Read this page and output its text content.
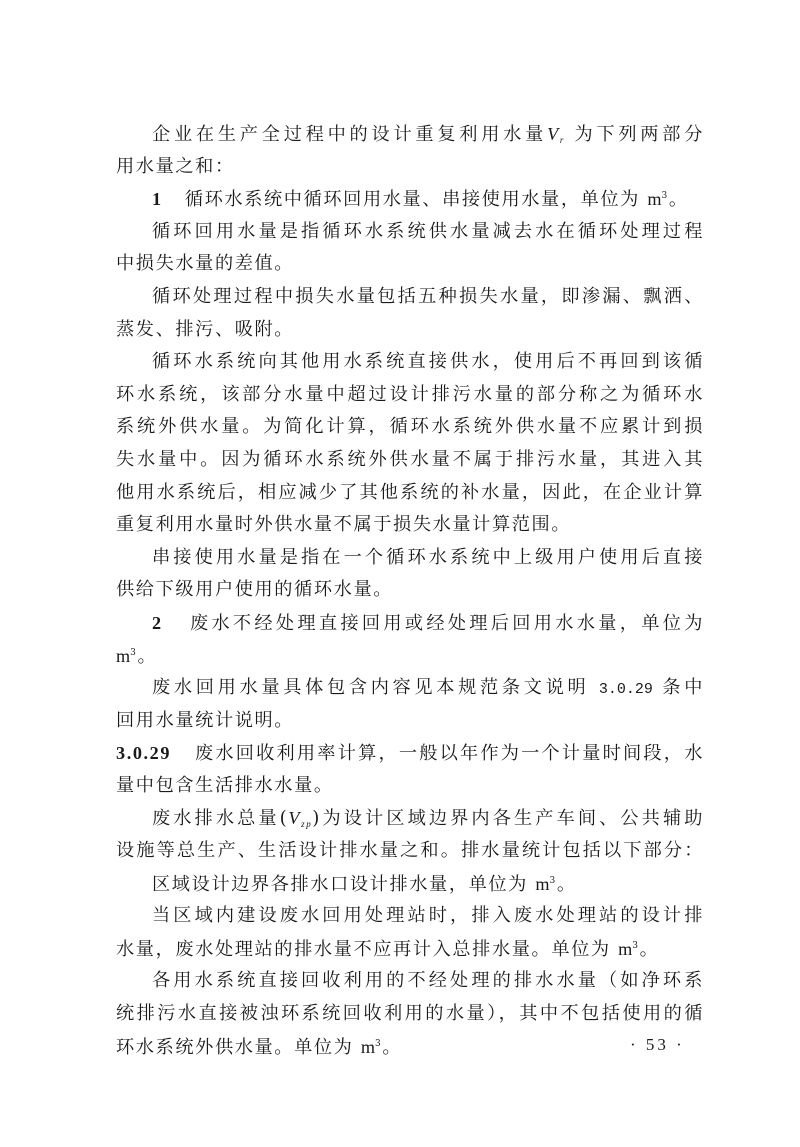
企业在生产全过程中的设计重复利用水量$V_r$ 为下列两部分
用水量之和：
1 循环水系统中循环回用水量、串接使用水量，单位为 $m^3$。
循环回用水量是指循环水系统供水量减去水在循环处理过程
中损失水量的差值。
循环处理过程中损失水量包括五种损失水量，即渗漏、飘洒、
蒸发、排污、吸附。
循环水系统向其他用水系统直接供水，使用后不再回到该循
环水系统，该部分水量中超过设计排污水量的部分称之为循环水
系统外供水量。为简化计算，循环水系统外供水量不应累计到损
失水量中。因为循环水系统外供水量不属于排污水量，其进入其
他用水系统后，相应减少了其他系统的补水量，因此，在企业计算
重复利用水量时外供水量不属于损失水量计算范围。
串接使用水量是指在一个循环水系统中上级用户使用后直接
供给下级用户使用的循环水量。
2 废水不经处理直接回用或经处理后回用水水量，单位为
$m^3$。
废水回用水量具体包含内容见本规范条文说明 3.0.29 条中
回用水量统计说明。
3.0.29 废水回收利用率计算，一般以年作为一个计量时间段，水
量中包含生活排水水量。
废水排水总量$(V_{zp})$为设计区域边界内各生产车间、公共辅助
设施等总生产、生活设计排水量之和。排水量统计包括以下部分：
区域设计边界各排水口设计排水量，单位为 $m^3$。
当区域内建设废水回用处理站时，排入废水处理站的设计排
水量，废水处理站的排水量不应再计入总排水量。单位为 $m^3$。
各用水系统直接回收利用的不经处理的排水水量（如净环系
统排污水直接被浊环系统回收利用的水量），其中不包括使用的循
环水系统外供水量。单位为 $m^3$。	· 53 ·
